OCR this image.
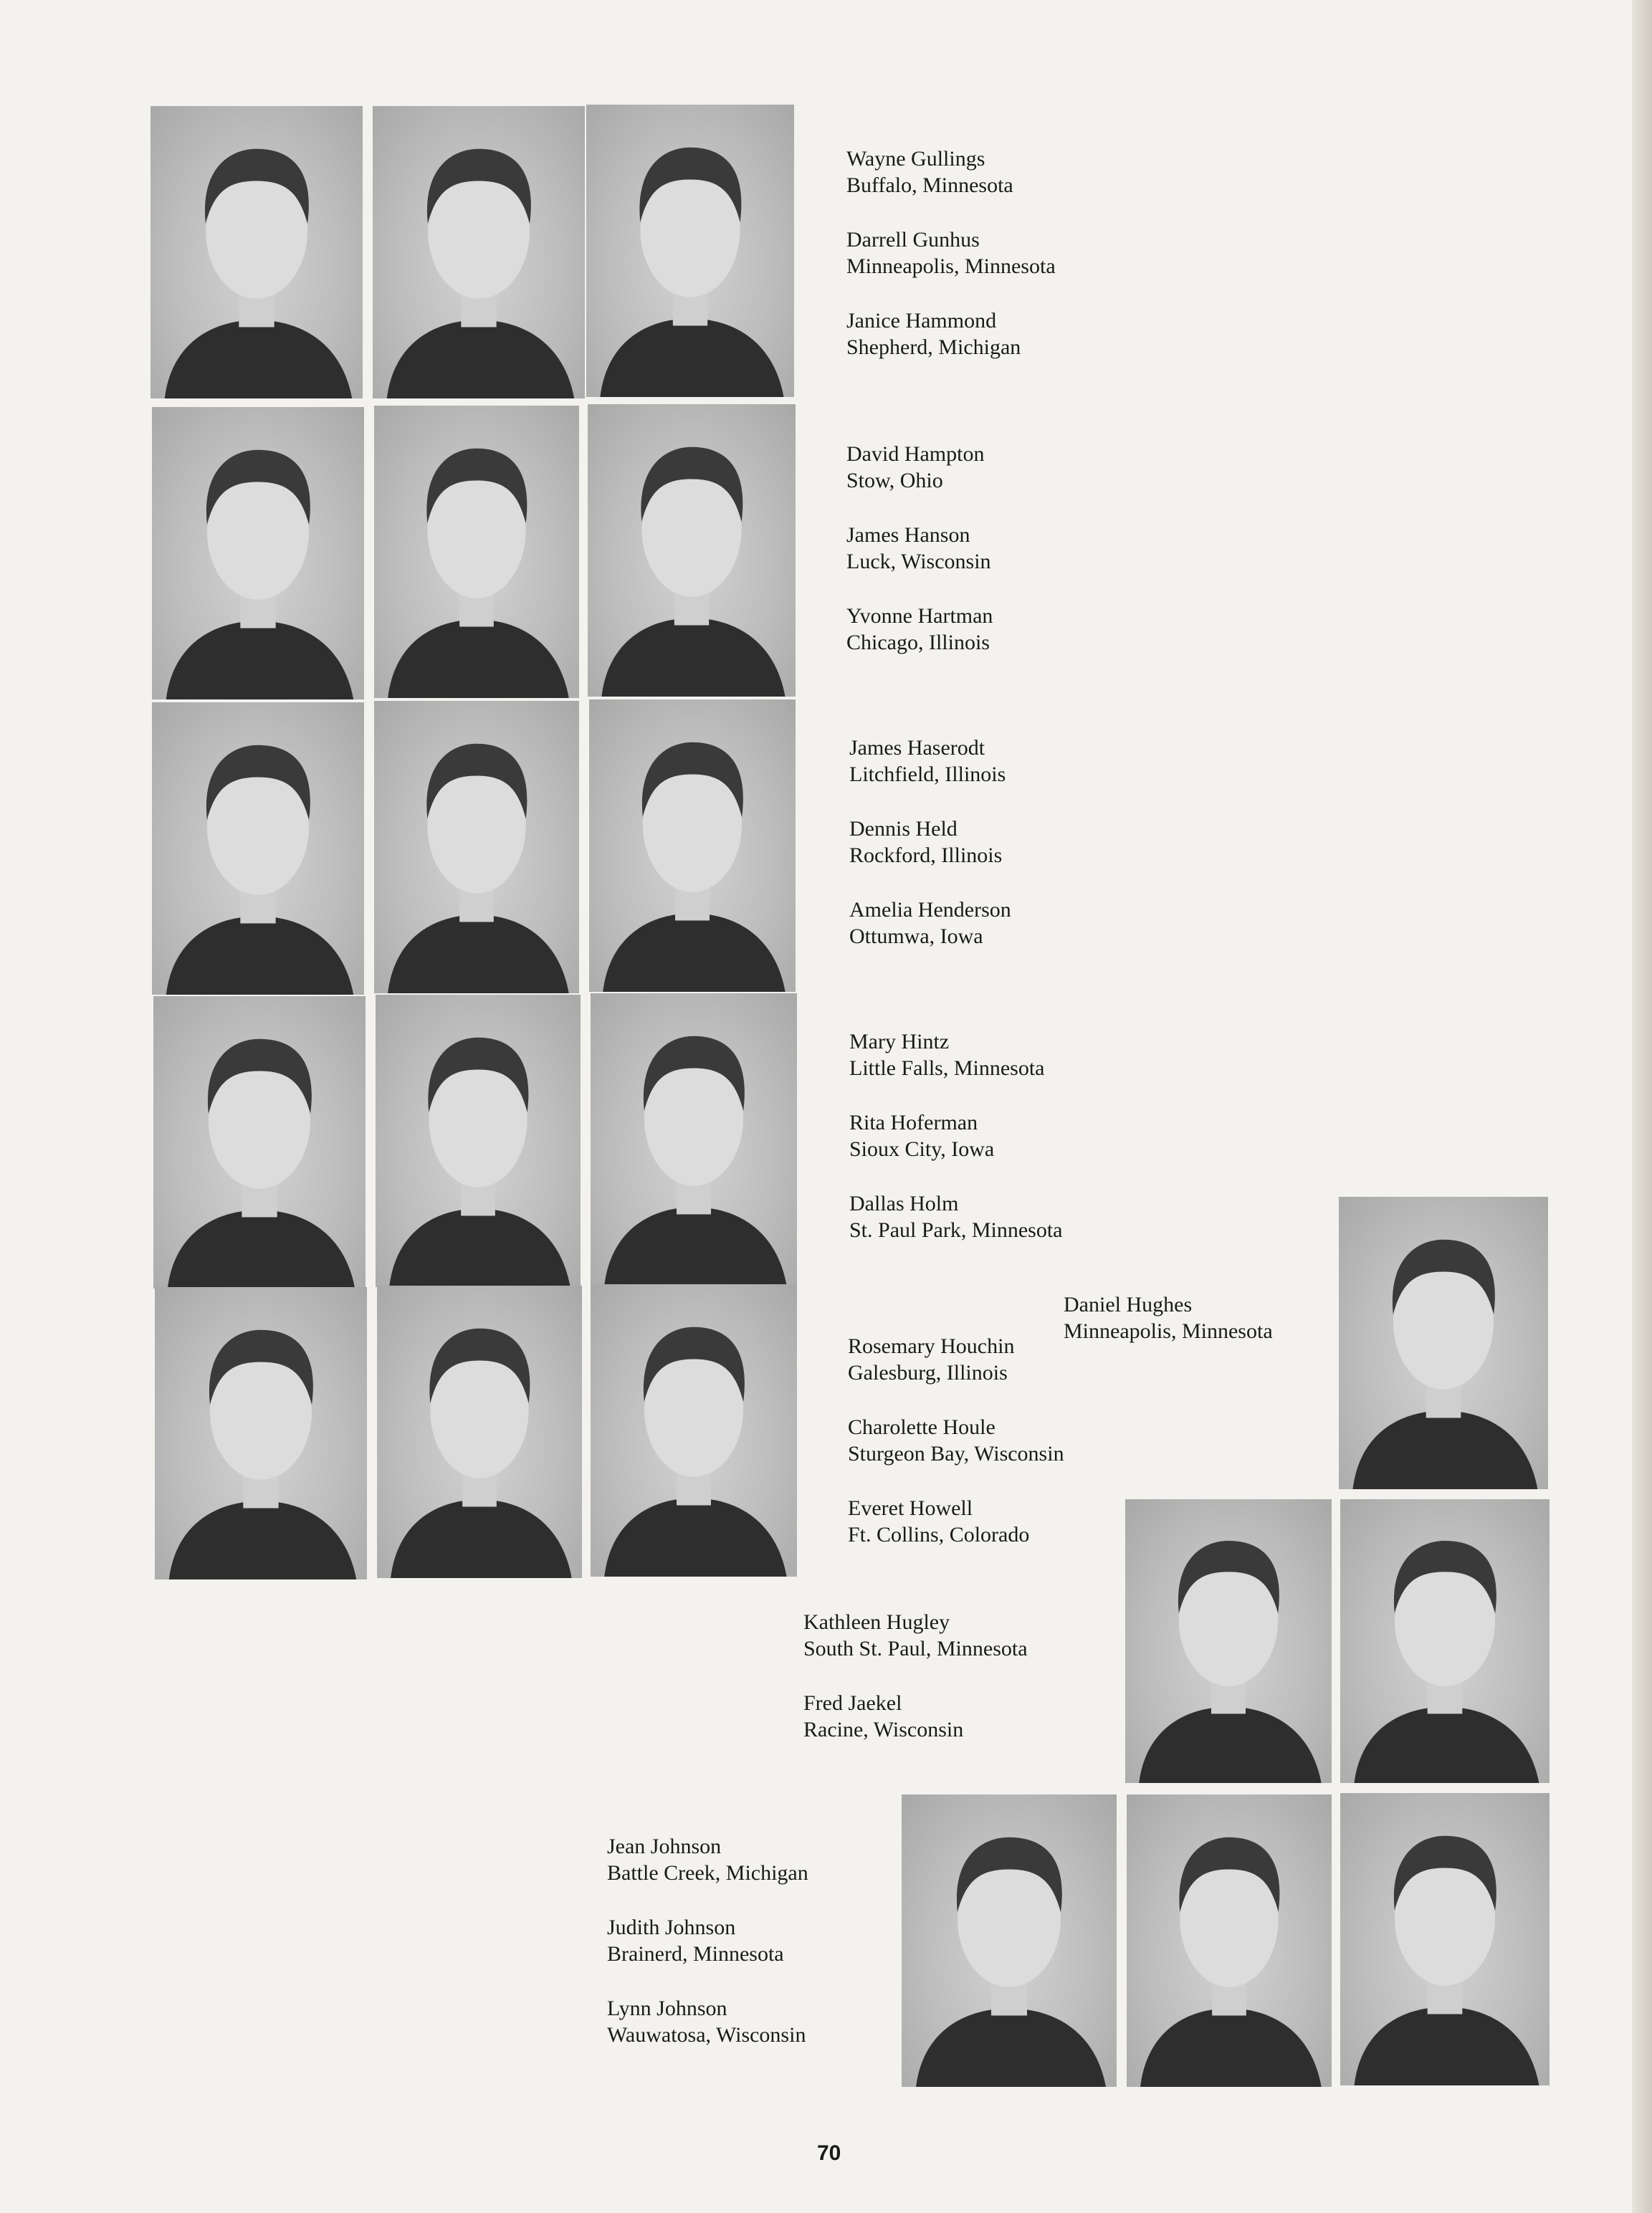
Wayne Gullings
Buffalo, Minnesota
Darrell Gunhus
Minneapolis, Minnesota
Janice Hammond
Shepherd, Michigan
David Hampton
Stow, Ohio
James Hanson
Luck, Wisconsin
Yvonne Hartman
Chicago, Illinois
James Haserodt
Litchfield, Illinois
Dennis Held
Rockford, Illinois
Amelia Henderson
Ottumwa, Iowa
Mary Hintz
Little Falls, Minnesota
Rita Hoferman
Sioux City, Iowa
Dallas Holm
St. Paul Park, Minnesota
Daniel Hughes
Minneapolis, Minnesota
Rosemary Houchin
Galesburg, Illinois
Charolette Houle
Sturgeon Bay, Wisconsin
Everet Howell
Ft. Collins, Colorado
Kathleen Hugley
South St. Paul, Minnesota
Fred Jaekel
Racine, Wisconsin
Jean Johnson
Battle Creek, Michigan
Judith Johnson
Brainerd, Minnesota
Lynn Johnson
Wauwatosa, Wisconsin
70
